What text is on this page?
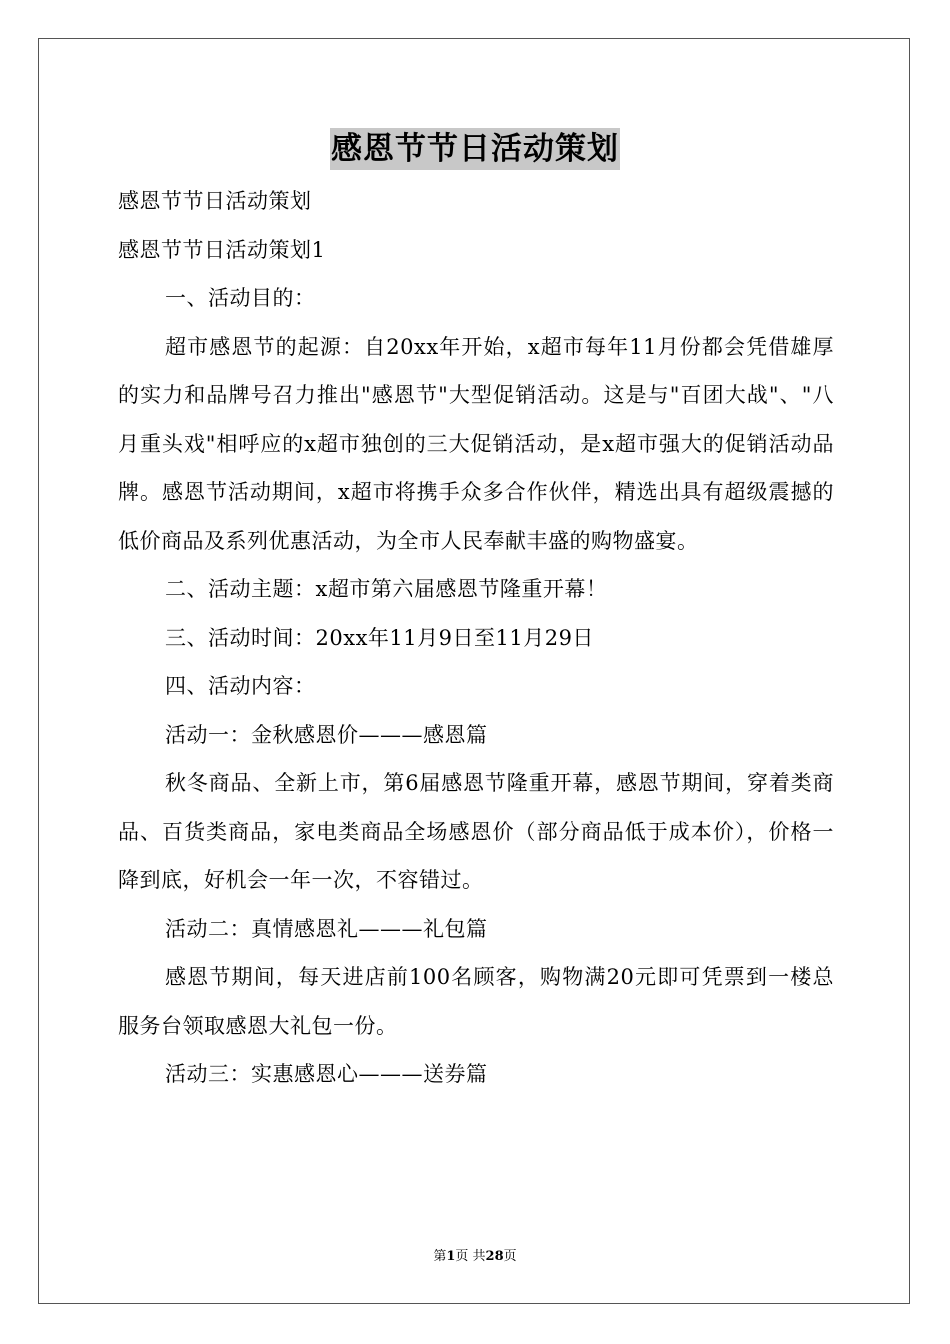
感恩节节日活动策划

感恩节节日活动策划

感恩节节日活动策划1

一、活动目的：

超市感恩节的起源：自20xx年开始，x超市每年11月份都会凭借雄厚的实力和品牌号召力推出"感恩节"大型促销活动。这是与"百团大战"、"八月重头戏"相呼应的x超市独创的三大促销活动，是x超市强大的促销活动品牌。感恩节活动期间，x超市将携手众多合作伙伴，精选出具有超级震撼的低价商品及系列优惠活动，为全市人民奉献丰盛的购物盛宴。

二、活动主题：x超市第六届感恩节隆重开幕！

三、活动时间：20xx年11月9日至11月29日

四、活动内容：

活动一：金秋感恩价———感恩篇

秋冬商品、全新上市，第6届感恩节隆重开幕，感恩节期间，穿着类商品、百货类商品，家电类商品全场感恩价（部分商品低于成本价），价格一降到底，好机会一年一次，不容错过。

活动二：真情感恩礼———礼包篇

感恩节期间，每天进店前100名顾客，购物满20元即可凭票到一楼总服务台领取感恩大礼包一份。

活动三：实惠感恩心———送券篇

第1页 共28页
